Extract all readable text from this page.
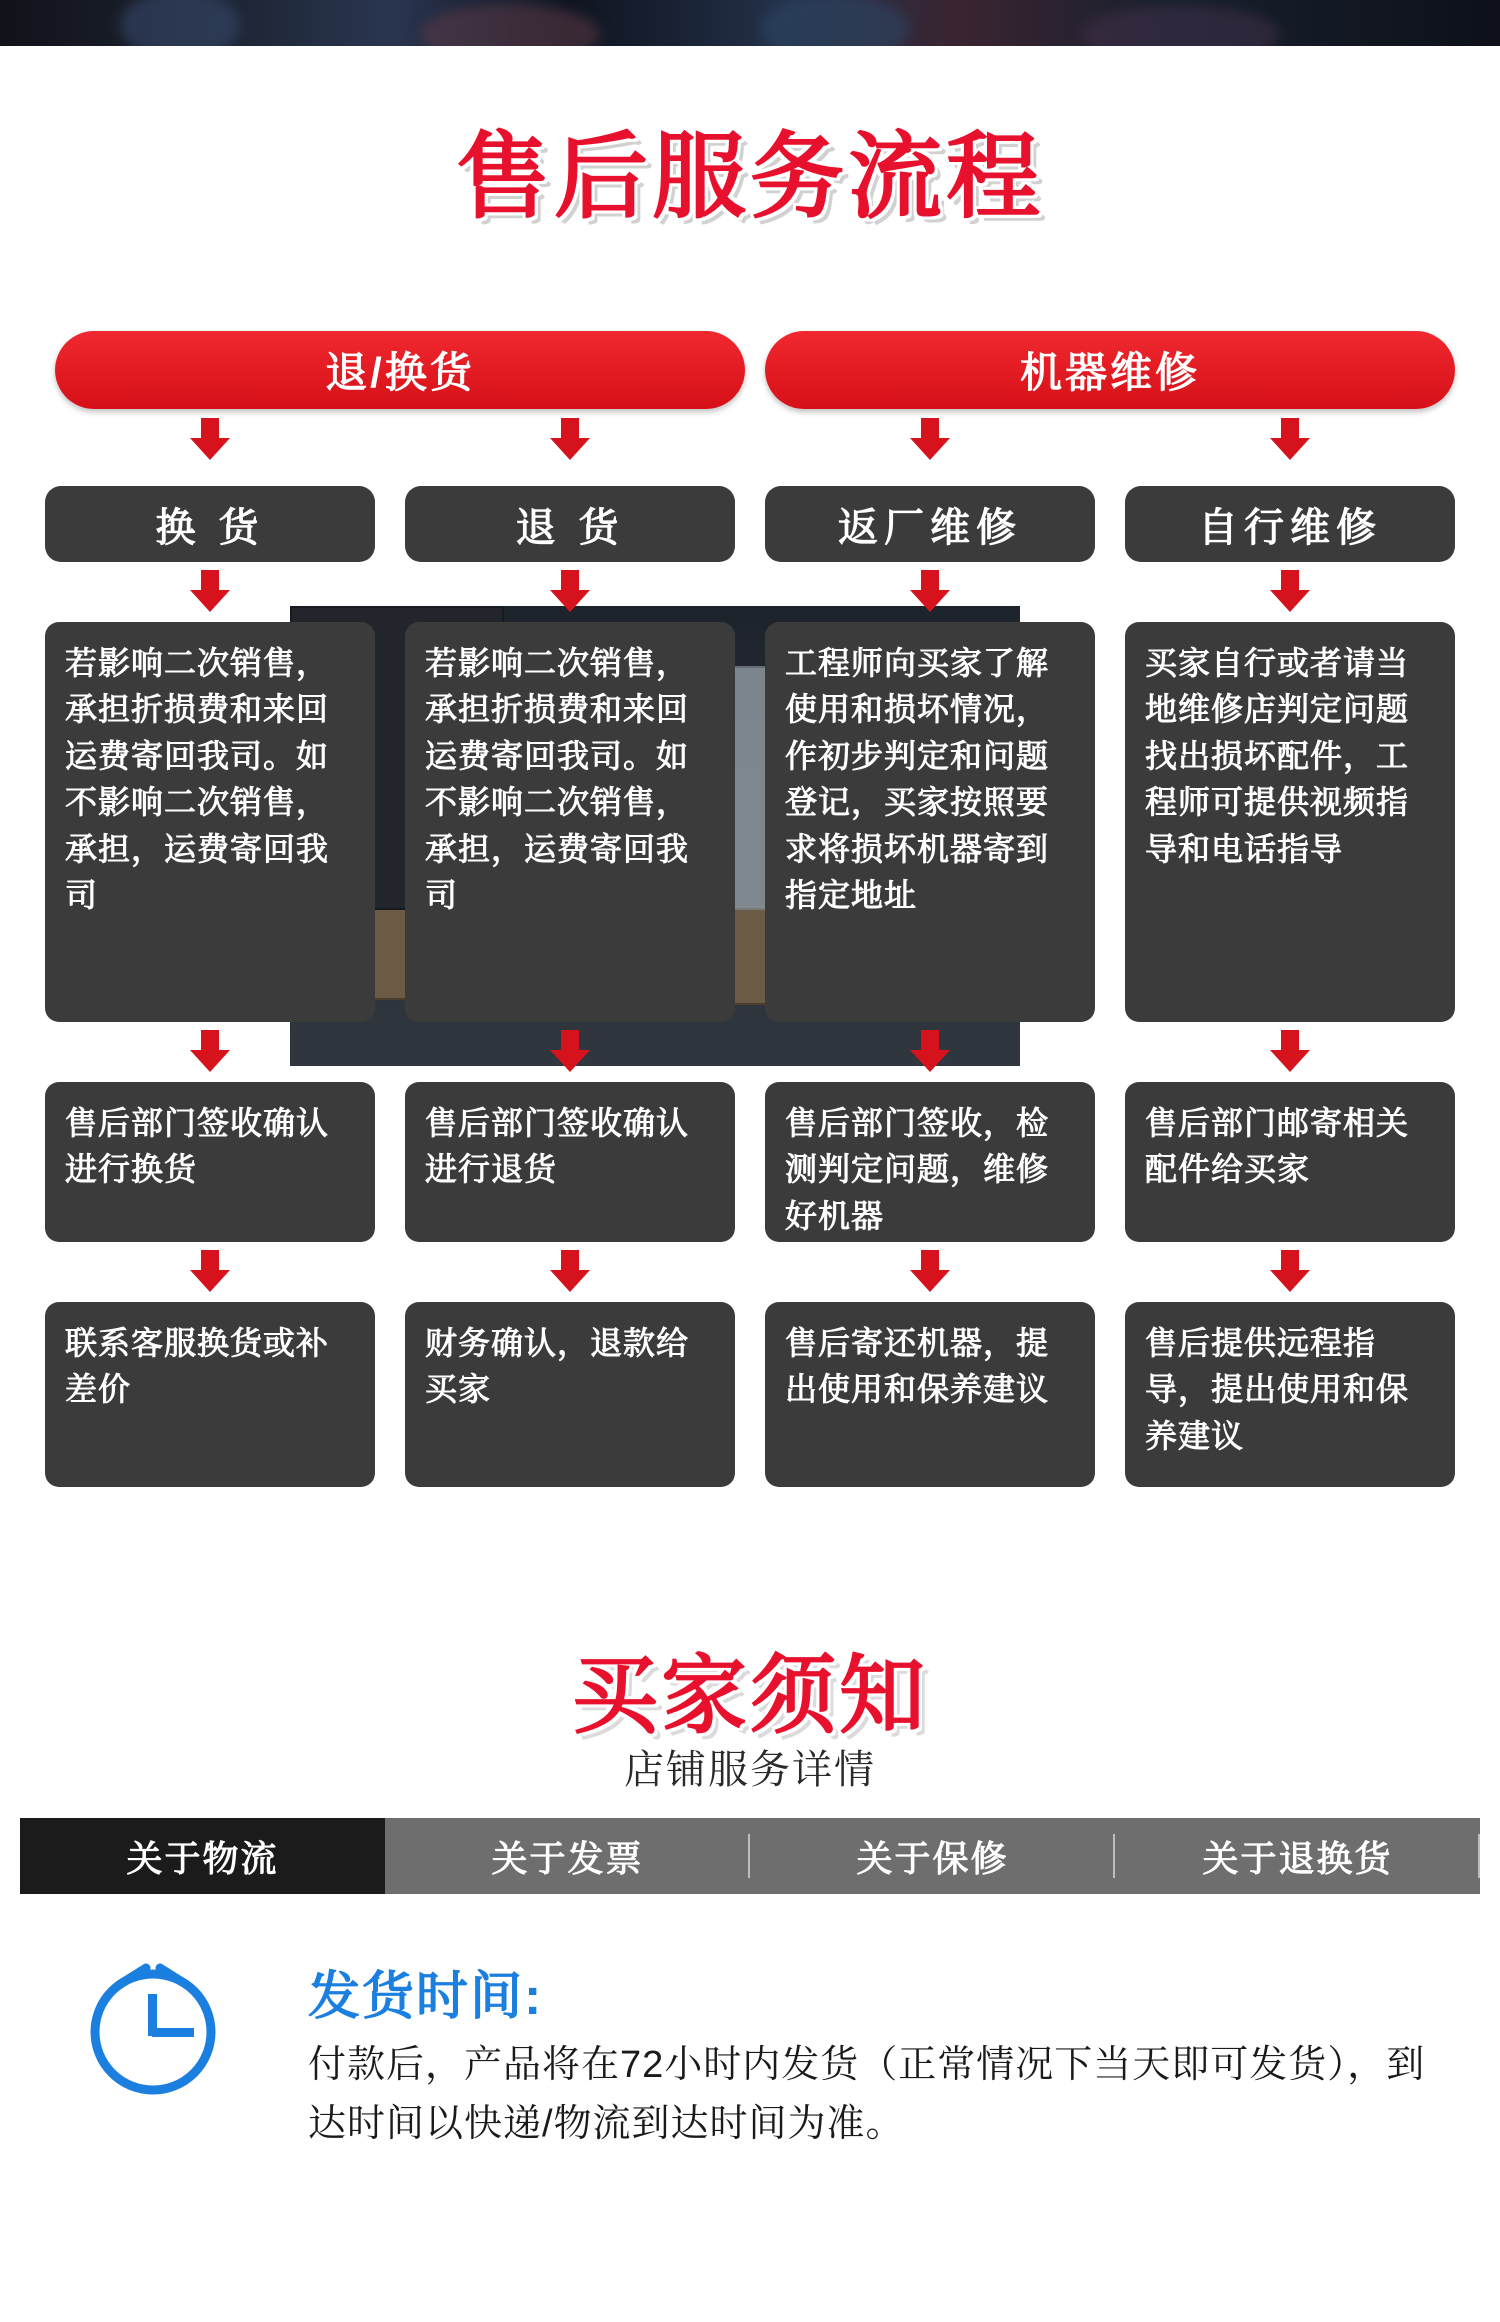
售后服务流程
退/换货	机器维修
换 货	退 货	返厂维修	自行维修
若影响二次销售，承担折损费和来回运费寄回我司。如不影响二次销售，承担，运费寄回我司
若影响二次销售，承担折损费和来回运费寄回我司。如不影响二次销售，承担，运费寄回我司
工程师向买家了解使用和损坏情况，作初步判定和问题登记，买家按照要求将损坏机器寄到指定地址
买家自行或者请当地维修店判定问题找出损坏配件，工程师可提供视频指导和电话指导
售后部门签收确认进行换货
售后部门签收确认进行退货
售后部门签收，检测判定问题，维修好机器
售后部门邮寄相关配件给买家
联系客服换货或补差价
财务确认，退款给买家
售后寄还机器，提出使用和保养建议
售后提供远程指导，提出使用和保养建议
买家须知
店铺服务详情
关于物流	关于发票	关于保修	关于退换货
发货时间:
付款后，产品将在72小时内发货（正常情况下当天即可发货），到达时间以快递/物流到达时间为准。
